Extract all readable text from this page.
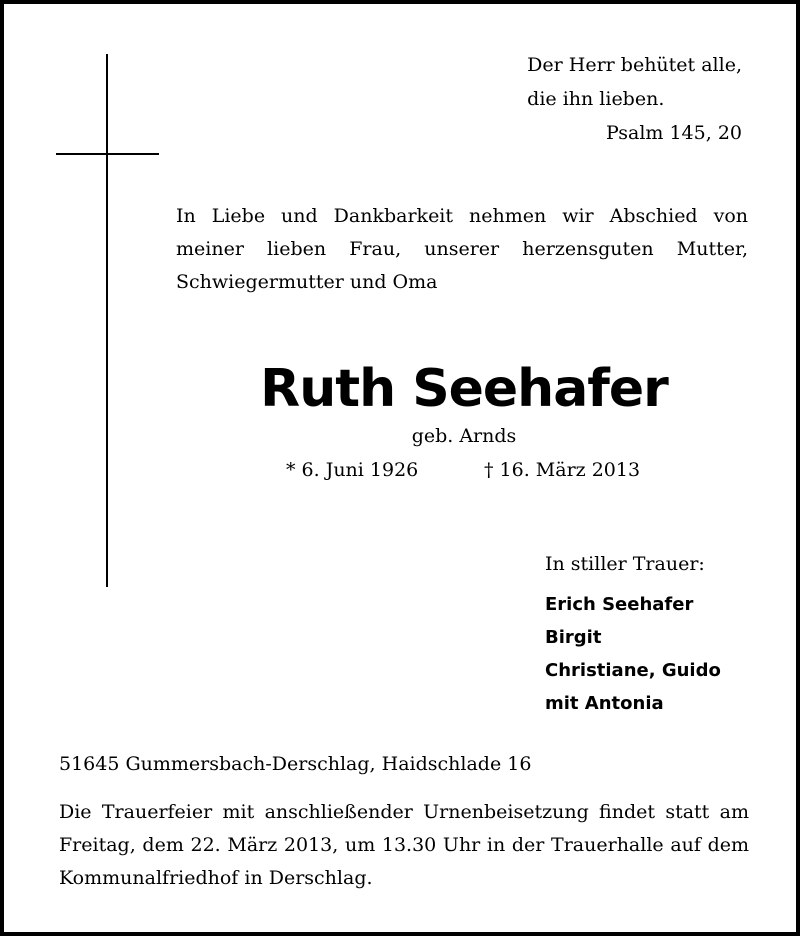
Der Herr behütet alle,
die ihn lieben.
Psalm 145, 20
In Liebe und Dankbarkeit nehmen wir Abschied von meiner lieben Frau, unserer herzensguten Mutter, Schwiegermutter und Oma
Ruth Seehafer
geb. Arnds
* 6. Juni 1926	† 16. März 2013
In stiller Trauer:
Erich Seehafer
Birgit
Christiane, Guido
mit Antonia
51645 Gummersbach-Derschlag, Haidschlade 16
Die Trauerfeier mit anschließender Urnenbeisetzung findet statt am Freitag, dem 22. März 2013, um 13.30 Uhr in der Trauerhalle auf dem Kommunalfriedhof in Derschlag.
